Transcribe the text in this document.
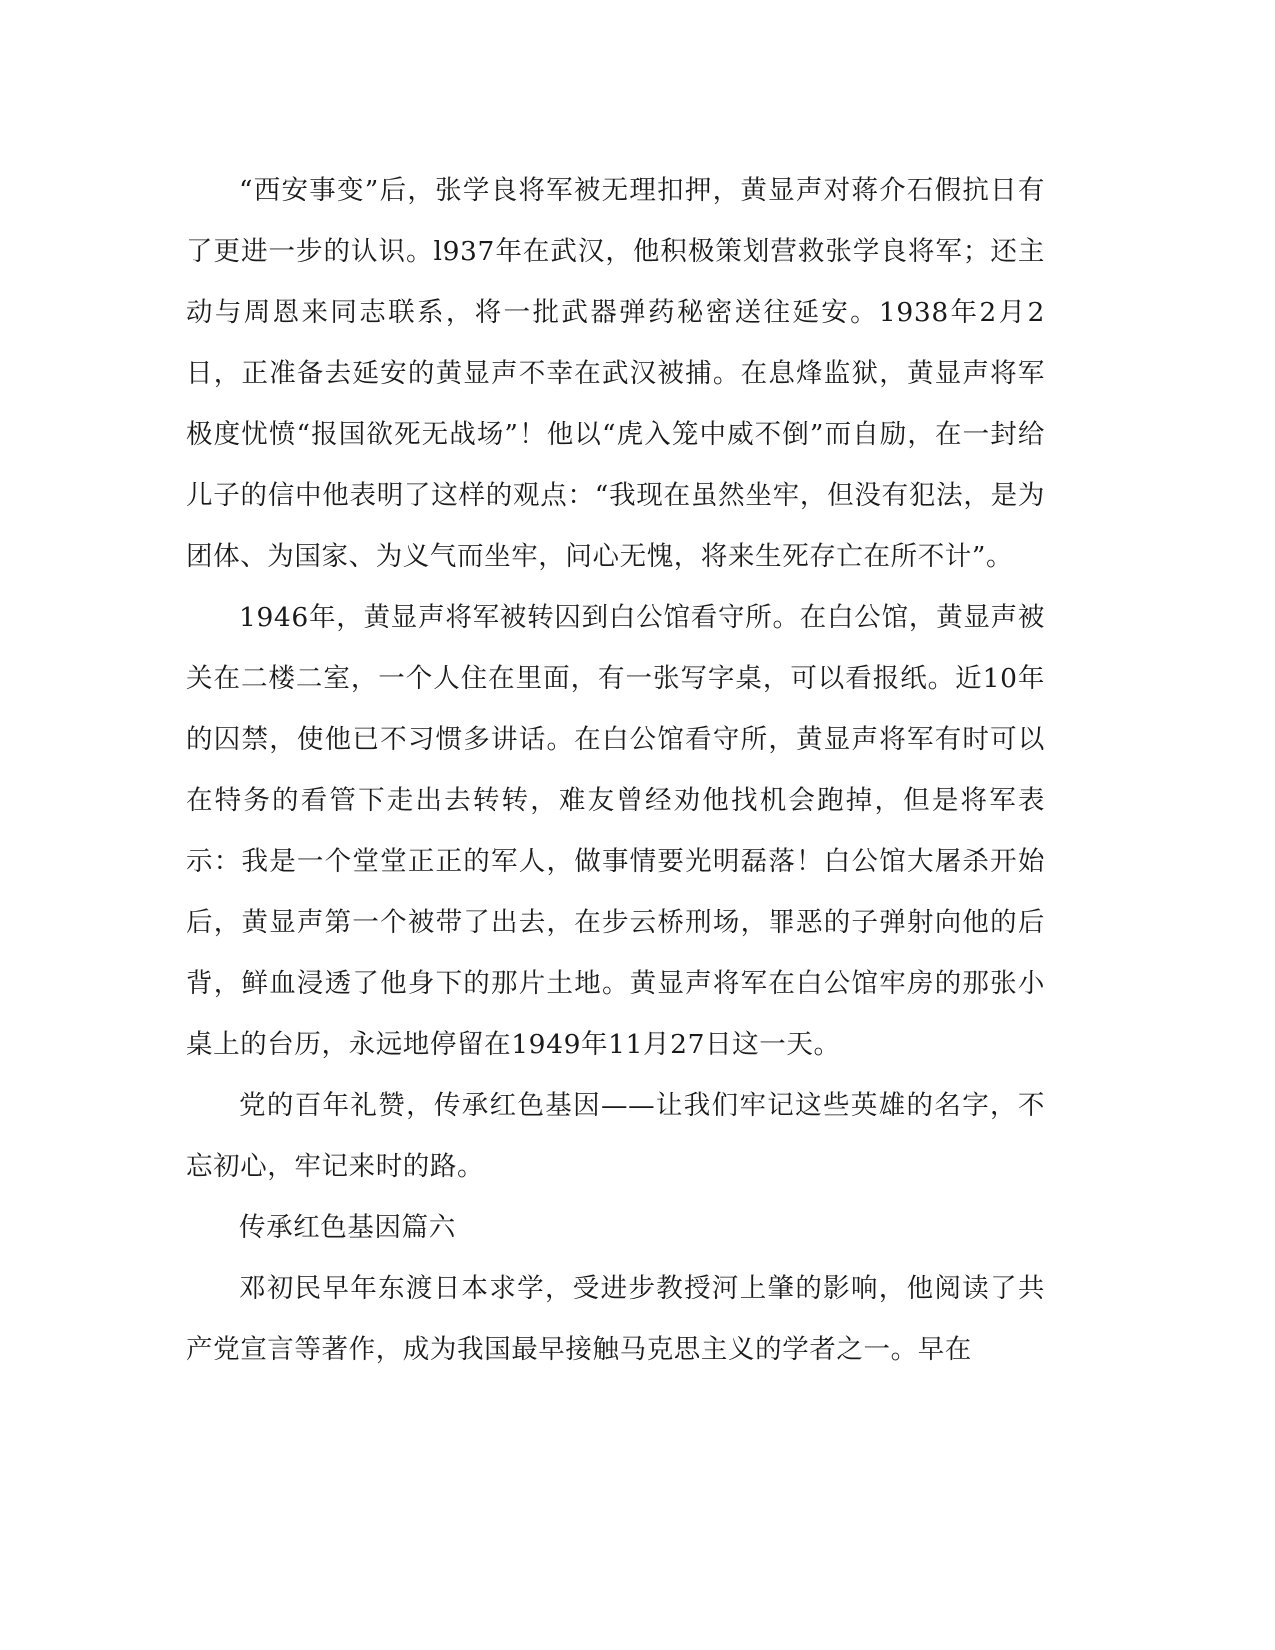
“西安事变”后，张学良将军被无理扣押，黄显声对蒋介石假抗日有了更进一步的认识。l937年在武汉，他积极策划营救张学良将军；还主动与周恩来同志联系，将一批武器弹药秘密送往延安。1938年2月2日，正准备去延安的黄显声不幸在武汉被捕。在息烽监狱，黄显声将军极度忧愤“报国欲死无战场”！他以“虎入笼中威不倒”而自励，在一封给儿子的信中他表明了这样的观点：“我现在虽然坐牢，但没有犯法，是为团体、为国家、为义气而坐牢，问心无愧，将来生死存亡在所不计”。

1946年，黄显声将军被转囚到白公馆看守所。在白公馆，黄显声被关在二楼二室，一个人住在里面，有一张写字桌，可以看报纸。近10年的囚禁，使他已不习惯多讲话。在白公馆看守所，黄显声将军有时可以在特务的看管下走出去转转，难友曾经劝他找机会跑掉，但是将军表示：我是一个堂堂正正的军人，做事情要光明磊落！白公馆大屠杀开始后，黄显声第一个被带了出去，在步云桥刑场，罪恶的子弹射向他的后背，鲜血浸透了他身下的那片土地。黄显声将军在白公馆牢房的那张小桌上的台历，永远地停留在1949年11月27日这一天。

党的百年礼赞，传承红色基因——让我们牢记这些英雄的名字，不忘初心，牢记来时的路。

传承红色基因篇六

邓初民早年东渡日本求学，受进步教授河上肇的影响，他阅读了共产党宣言等著作，成为我国最早接触马克思主义的学者之一。早在
